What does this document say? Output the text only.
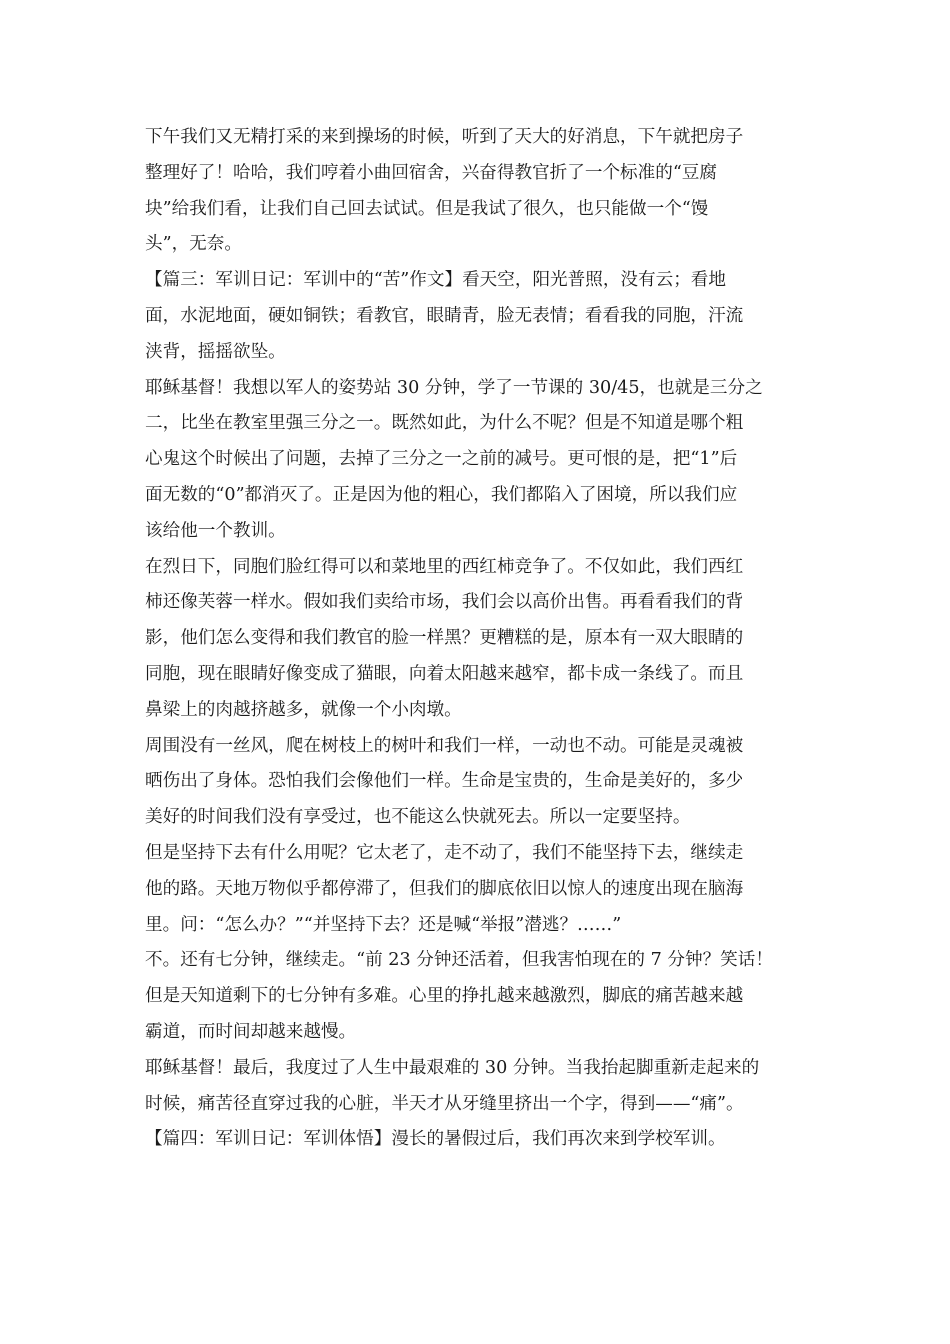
下午我们又无精打采的来到操场的时候，听到了天大的好消息，下午就把房子
整理好了！哈哈，我们哼着小曲回宿舍，兴奋得教官折了一个标准的“豆腐
块”给我们看，让我们自己回去试试。但是我试了很久，也只能做一个“馒
头”，无奈。
【篇三：军训日记：军训中的“苦”作文】看天空，阳光普照，没有云；看地
面，水泥地面，硬如铜铁；看教官，眼睛青，脸无表情；看看我的同胞，汗流
浃背，摇摇欲坠。
耶稣基督！我想以军人的姿势站 30 分钟，学了一节课的 30/45，也就是三分之
二，比坐在教室里强三分之一。既然如此，为什么不呢？但是不知道是哪个粗
心鬼这个时候出了问题，去掉了三分之一之前的减号。更可恨的是，把“1”后
面无数的“0”都消灭了。正是因为他的粗心，我们都陷入了困境，所以我们应
该给他一个教训。
在烈日下，同胞们脸红得可以和菜地里的西红柿竞争了。不仅如此，我们西红
柿还像芙蓉一样水。假如我们卖给市场，我们会以高价出售。再看看我们的背
影，他们怎么变得和我们教官的脸一样黑？更糟糕的是，原本有一双大眼睛的
同胞，现在眼睛好像变成了猫眼，向着太阳越来越窄，都卡成一条线了。而且
鼻梁上的肉越挤越多，就像一个小肉墩。
周围没有一丝风，爬在树枝上的树叶和我们一样，一动也不动。可能是灵魂被
晒伤出了身体。恐怕我们会像他们一样。生命是宝贵的，生命是美好的，多少
美好的时间我们没有享受过，也不能这么快就死去。所以一定要坚持。
但是坚持下去有什么用呢？它太老了，走不动了，我们不能坚持下去，继续走
他的路。天地万物似乎都停滞了，但我们的脚底依旧以惊人的速度出现在脑海
里。问：“怎么办？”“并坚持下去？还是喊“举报”潜逃？……”
不。还有七分钟，继续走。“前 23 分钟还活着，但我害怕现在的 7 分钟？笑话！
但是天知道剩下的七分钟有多难。心里的挣扎越来越激烈，脚底的痛苦越来越
霸道，而时间却越来越慢。
耶稣基督！最后，我度过了人生中最艰难的 30 分钟。当我抬起脚重新走起来的
时候，痛苦径直穿过我的心脏，半天才从牙缝里挤出一个字，得到——“痛”。
【篇四：军训日记：军训体悟】漫长的暑假过后，我们再次来到学校军训。
